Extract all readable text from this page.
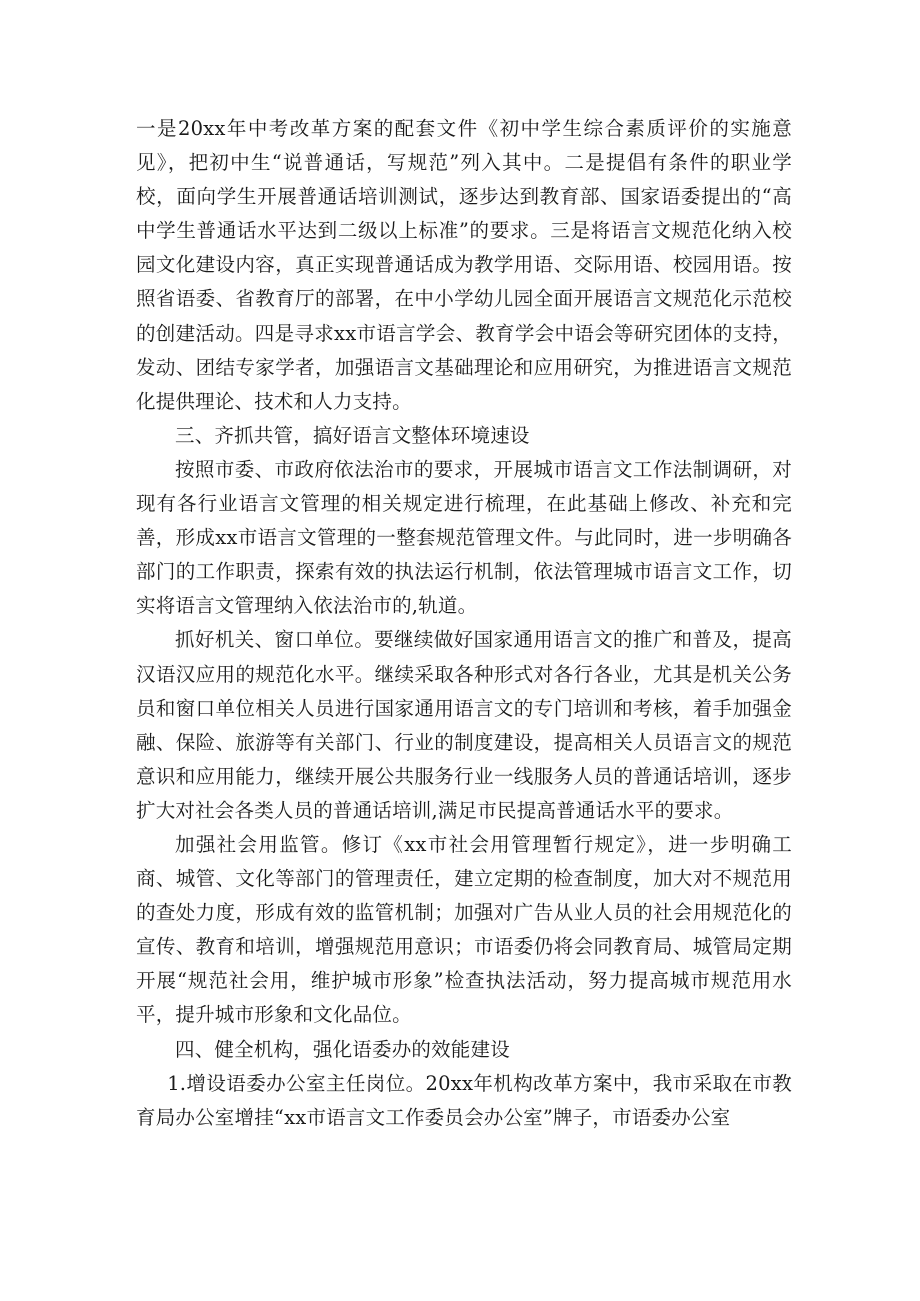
一是20xx年中考改革方案的配套文件《初中学生综合素质评价的实施意见》，把初中生“说普通话，写规范”列入其中。二是提倡有条件的职业学校，面向学生开展普通话培训测试，逐步达到教育部、国家语委提出的“高中学生普通话水平达到二级以上标准”的要求。三是将语言文规范化纳入校园文化建设内容，真正实现普通话成为教学用语、交际用语、校园用语。按照省语委、省教育厅的部署，在中小学幼儿园全面开展语言文规范化示范校的创建活动。四是寻求xx市语言学会、教育学会中语会等研究团体的支持，发动、团结专家学者，加强语言文基础理论和应用研究，为推进语言文规范化提供理论、技术和人力支持。

三、齐抓共管，搞好语言文整体环境速设

按照市委、市政府依法治市的要求，开展城市语言文工作法制调研，对现有各行业语言文管理的相关规定进行梳理，在此基础上修改、补充和完善，形成xx市语言文管理的一整套规范管理文件。与此同时，进一步明确各部门的工作职责，探索有效的执法运行机制，依法管理城市语言文工作，切实将语言文管理纳入依法治市的,轨道。

抓好机关、窗口单位。要继续做好国家通用语言文的推广和普及，提高汉语汉应用的规范化水平。继续采取各种形式对各行各业，尤其是机关公务员和窗口单位相关人员进行国家通用语言文的专门培训和考核，着手加强金融、保险、旅游等有关部门、行业的制度建设，提高相关人员语言文的规范意识和应用能力，继续开展公共服务行业一线服务人员的普通话培训，逐步扩大对社会各类人员的普通话培训,满足市民提高普通话水平的要求。

加强社会用监管。修订《xx市社会用管理暂行规定》，进一步明确工商、城管、文化等部门的管理责任，建立定期的检查制度，加大对不规范用的查处力度，形成有效的监管机制；加强对广告从业人员的社会用规范化的宣传、教育和培训，增强规范用意识；市语委仍将会同教育局、城管局定期开展“规范社会用，维护城市形象”检查执法活动，努力提高城市规范用水平，提升城市形象和文化品位。

四、健全机构，强化语委办的效能建设

1.增设语委办公室主任岗位。20xx年机构改革方案中，我市采取在市教育局办公室增挂“xx市语言文工作委员会办公室”牌子，市语委办公室
